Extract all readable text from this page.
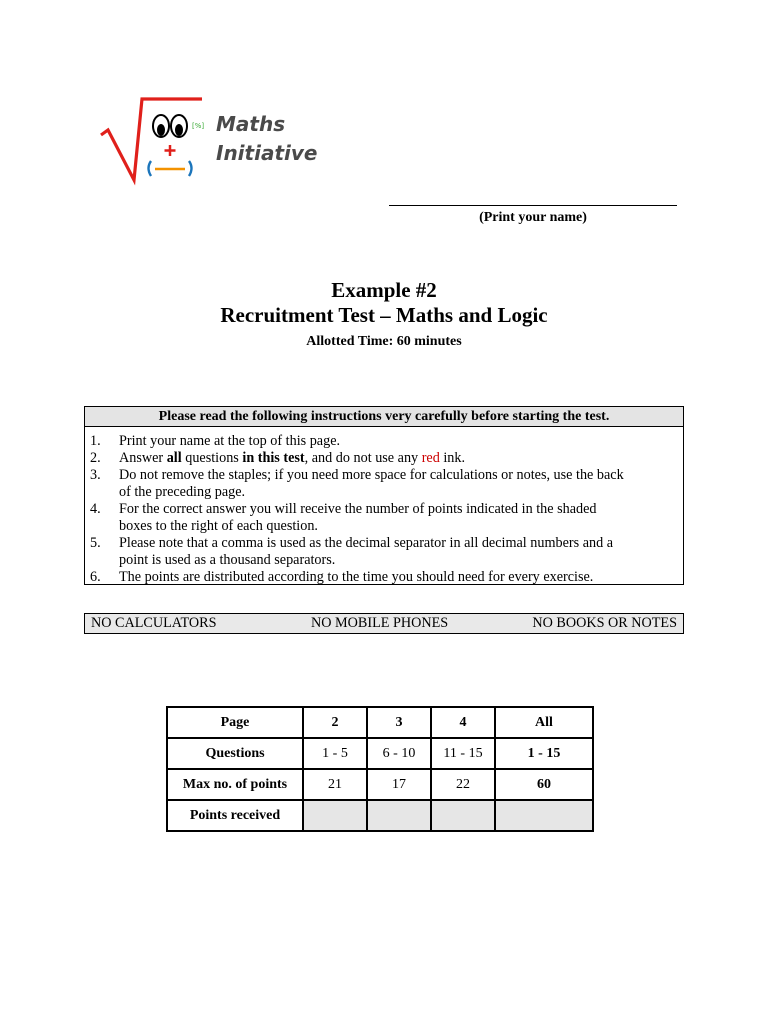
[%] Maths
Initiative
(Print your name)
Example #2
Recruitment Test – Maths and Logic
Allotted Time: 60 minutes
Please read the following instructions very carefully before starting the test.
1.	Print your name at the top of this page.
2.	Answer all questions in this test, and do not use any red ink.
3.	Do not remove the staples; if you need more space for calculations or notes, use the back
of the preceding page.
4.	For the correct answer you will receive the number of points indicated in the shaded
boxes to the right of each question.
5.	Please note that a comma is used as the decimal separator in all decimal numbers and a
point is used as a thousand separators.
6.	The points are distributed according to the time you should need for every exercise.
NO CALCULATORS	NO MOBILE PHONES	NO BOOKS OR NOTES
Page	2	3	4	All
Questions	1 - 5	6 - 10	11 - 15	1 - 15
Max no. of points	21	17	22	60
Points received				
